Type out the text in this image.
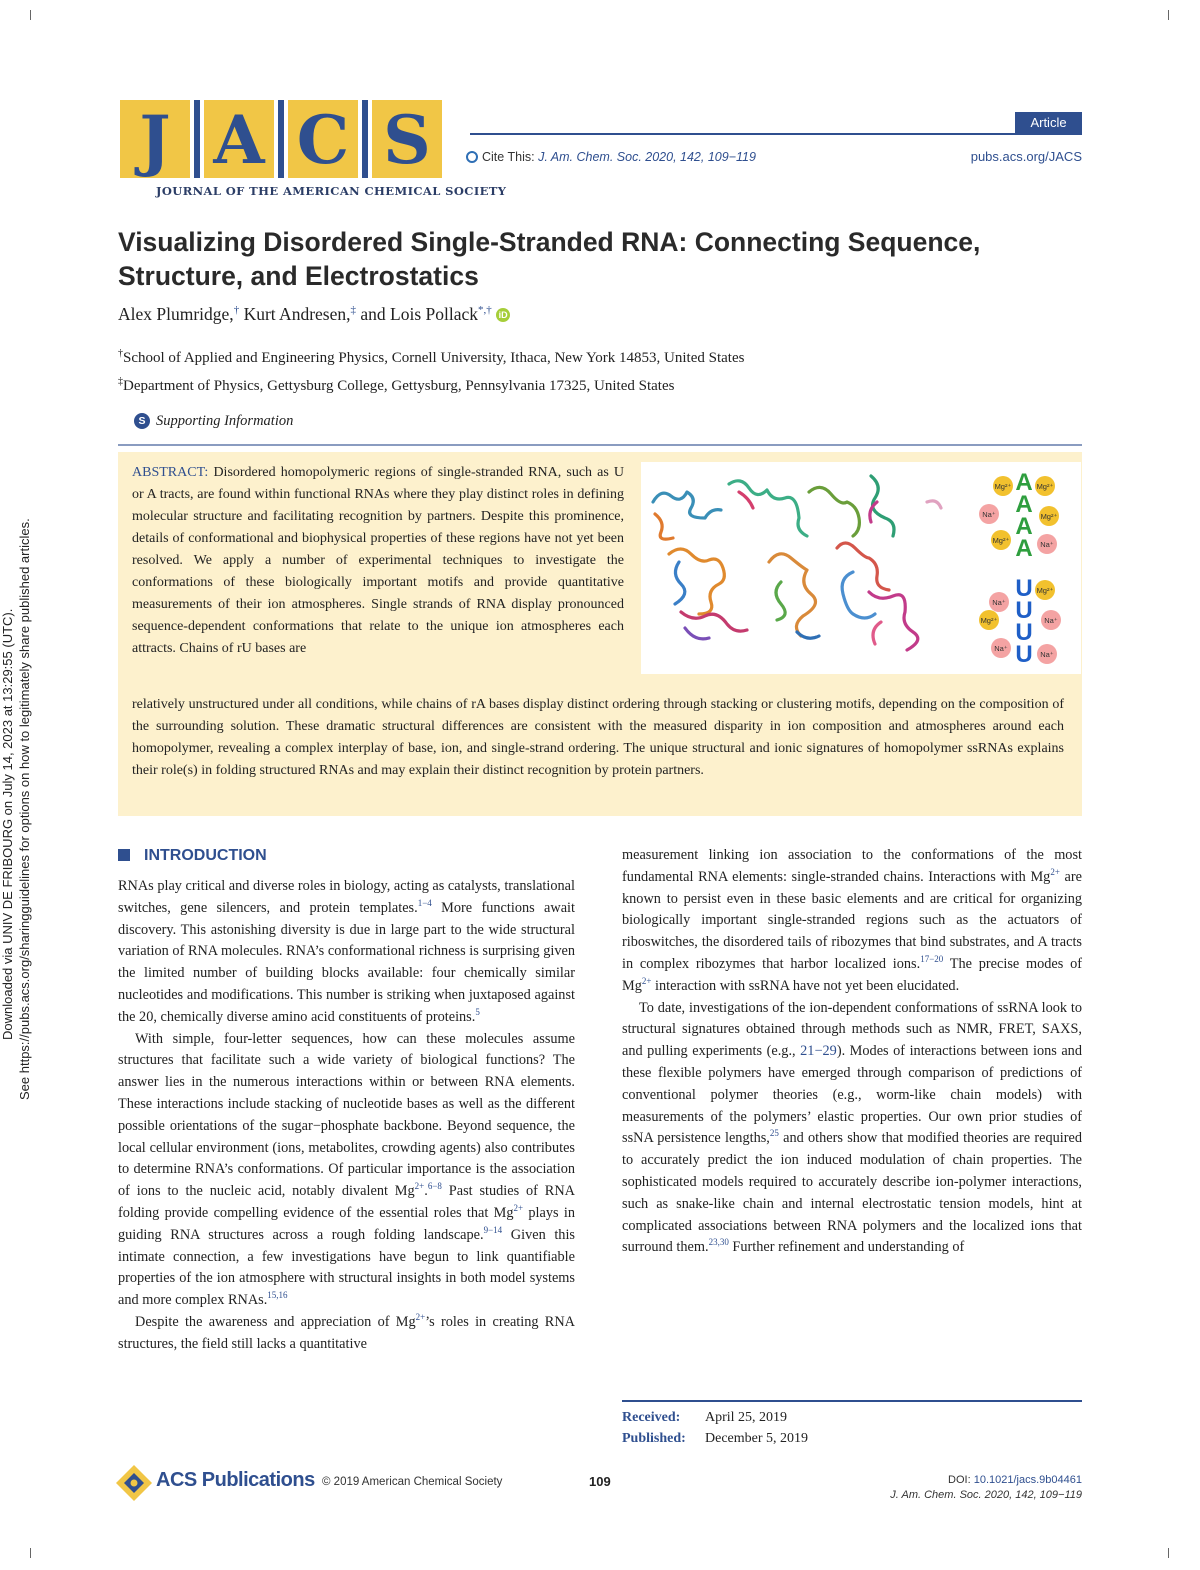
Downloaded via UNIV DE FRIBOURG on July 14, 2023 at 13:29:55 (UTC). See https://pubs.acs.org/sharingguidelines for options on how to legitimately share published articles.
J A C S
JOURNAL OF THE AMERICAN CHEMICAL SOCIETY
Article
Cite This: J. Am. Chem. Soc. 2020, 142, 109−119	pubs.acs.org/JACS
Visualizing Disordered Single-Stranded RNA: Connecting Sequence, Structure, and Electrostatics
Alex Plumridge,† Kurt Andresen,‡ and Lois Pollack*,† iD
†School of Applied and Engineering Physics, Cornell University, Ithaca, New York 14853, United States
‡Department of Physics, Gettysburg College, Gettysburg, Pennsylvania 17325, United States
S Supporting Information
ABSTRACT: Disordered homopolymeric regions of single-stranded RNA, such as U or A tracts, are found within functional RNAs where they play distinct roles in defining molecular structure and facilitating recognition by partners. Despite this prominence, details of conformational and biophysical properties of these regions have not yet been resolved. We apply a number of experimental techniques to investigate the conformations of these biologically important motifs and provide quantitative measurements of their ion atmospheres. Single strands of RNA display pronounced sequence-dependent conformations that relate to the unique ion atmospheres each attracts. Chains of rU bases are
relatively unstructured under all conditions, while chains of rA bases display distinct ordering through stacking or clustering motifs, depending on the composition of the surrounding solution. These dramatic structural differences are consistent with the measured disparity in ion composition and atmospheres around each homopolymer, revealing a complex interplay of base, ion, and single-strand ordering. The unique structural and ionic signatures of homopolymer ssRNAs explains their role(s) in folding structured RNAs and may explain their distinct recognition by protein partners.
Mg²⁺	Mg²⁺
Na⁺	Mg²⁺
Mg²⁺	Na⁺
A
A
A
A
Mg²⁺
Na⁺
Mg²⁺	Na⁺
Na⁺
Na⁺
U
U
U
U
INTRODUCTION

RNAs play critical and diverse roles in biology, acting as catalysts, translational switches, gene silencers, and protein templates.$^{1-4}$ More functions await discovery. This astonishing diversity is due in large part to the wide structural variation of RNA molecules. RNA’s conformational richness is surprising given the limited number of building blocks available: four chemically similar nucleotides and modifications. This number is striking when juxtaposed against the 20, chemically diverse amino acid constituents of proteins.$^5$

With simple, four-letter sequences, how can these molecules assume structures that facilitate such a wide variety of biological functions? The answer lies in the numerous interactions within or between RNA elements. These interactions include stacking of nucleotide bases as well as the different possible orientations of the sugar−phosphate backbone. Beyond sequence, the local cellular environment (ions, metabolites, crowding agents) also contributes to determine RNA’s conformations. Of particular importance is the association of ions to the nucleic acid, notably divalent $Mg^{2+}.^{6-8}$ Past studies of RNA folding provide compelling evidence of the essential roles that $Mg^{2+}$ plays in guiding RNA structures across a rough folding landscape.$^{9-14}$ Given this intimate connection, a few investigations have begun to link quantifiable properties of the ion atmosphere with structural insights in both model systems and more complex RNAs.$^{15,16}$

Despite the awareness and appreciation of $Mg^{2+}’s$ roles in creating RNA structures, the field still lacks a quantitative

measurement linking ion association to the conformations of the most fundamental RNA elements: single-stranded chains. Interactions with $Mg^{2+}$ are known to persist even in these basic elements and are critical for organizing biologically important single-stranded regions such as the actuators of riboswitches, the disordered tails of ribozymes that bind substrates, and A tracts in complex ribozymes that harbor localized ions.$^{17-20}$ The precise modes of $Mg^{2+}$ interaction with ssRNA have not yet been elucidated.

To date, investigations of the ion-dependent conformations of ssRNA look to structural signatures obtained through methods such as NMR, FRET, SAXS, and pulling experiments (e.g., 21−29). Modes of interactions between ions and these flexible polymers have emerged through comparison of predictions of conventional polymer theories (e.g., worm-like chain models) with measurements of the polymers’ elastic properties. Our own prior studies of ssNA persistence lengths,$^{25}$ and others show that modified theories are required to accurately predict the ion induced modulation of chain properties. The sophisticated models required to accurately describe ion-polymer interactions, such as snake-like chain and internal electrostatic tension models, hint at complicated associations between RNA polymers and the localized ions that surround them.$^{23,30}$ Further refinement and understanding of

Received: April 25, 2019
Published: December 5, 2019
ACS Publications © 2019 American Chemical Society	109	DOI: 10.1021/jacs.9b04461
J. Am. Chem. Soc. 2020, 142, 109−119
